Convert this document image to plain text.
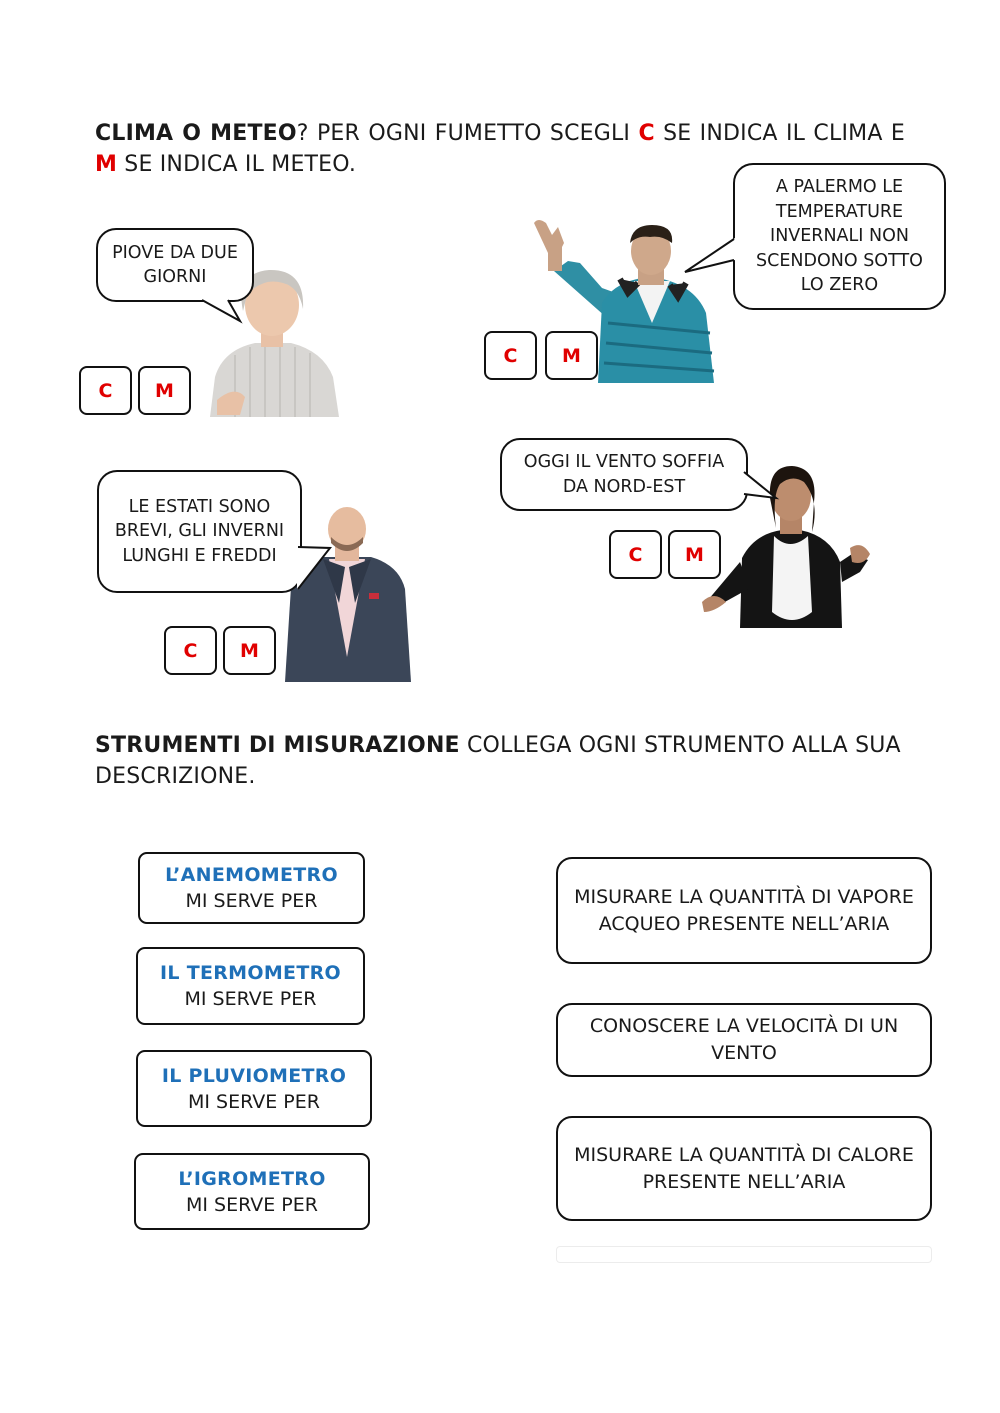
CLIMA O METEO? PER OGNI FUMETTO SCEGLI C SE INDICA IL CLIMA E M SE INDICA IL METEO.
PIOVE DA DUE GIORNI
C	M
A PALERMO LE TEMPERATURE INVERNALI NON SCENDONO SOTTO LO ZERO
C	M
LE ESTATI SONO BREVI, GLI INVERNI LUNGHI E FREDDI
C	M
OGGI IL VENTO SOFFIA DA NORD-EST
C	M
STRUMENTI DI MISURAZIONE COLLEGA OGNI STRUMENTO ALLA SUA DESCRIZIONE.
L’ANEMOMETRO
MI SERVE PER
IL TERMOMETRO
MI SERVE PER
IL PLUVIOMETRO
MI SERVE PER
L’IGROMETRO
MI SERVE PER
MISURARE LA QUANTITÀ DI VAPORE ACQUEO PRESENTE NELL’ARIA
CONOSCERE LA VELOCITÀ DI UN VENTO
MISURARE LA QUANTITÀ DI CALORE PRESENTE NELL’ARIA
